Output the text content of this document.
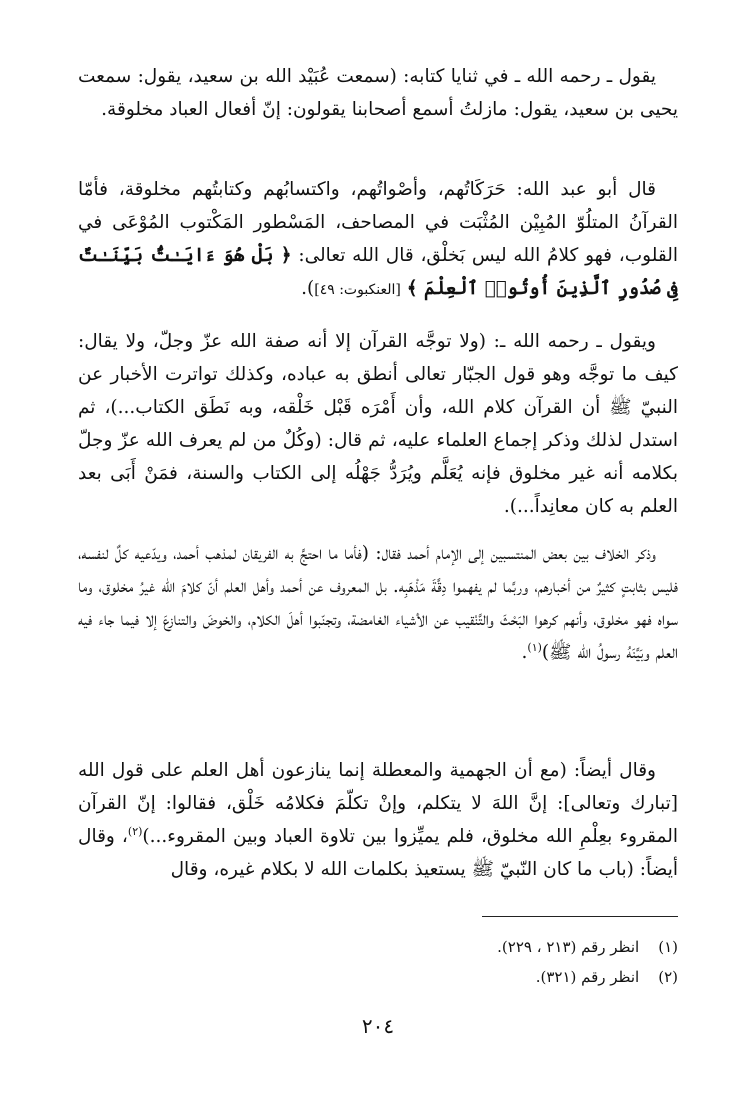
يقول ـ رحمه الله ـ في ثنايا كتابه: (سمعت عُبَيْد الله بن سعيد، يقول: سمعت يحيى بن سعيد، يقول: مازلتُ أسمع أصحابنا يقولون: إنّ أفعال العباد مخلوقة.

قال أبو عبد الله: حَرَكَاتُهم، وأصْواتُهم، واكتسابُهم وكتابتُهم مخلوقة، فأمّا القرآنُ المتلُوّ المُبِيْن المُثْبَت في المصاحف، المَسْطور المَكْتوب المُوْعَى في القلوب، فهو كلامُ الله ليس بَخلْق، قال الله تعالى: ﴿ بَلْ هُوَ ءَايَـٰتٌۢ بَيِّنَـٰتٌ فِى صُدُورِ ٱلَّذِينَ أُوتُوا۟ ٱلْعِلْمَ ﴾ [العنكبوت: ٤٩]).

ويقول ـ رحمه الله ـ: (ولا توجَّه القرآن إلا أنه صفة الله عزّ وجلّ، ولا يقال: كيف ما توجَّه وهو قول الجبّار تعالى أنطق به عباده، وكذلك تواترت الأخبار عن النبيّ ﷺ أن القرآن كلام الله، وأن أَمْرَه قَبْل خَلْقه، وبه نَطَق الكتاب...)، ثم استدل لذلك وذكر إجماع العلماء عليه، ثم قال: (وكُلٌ من لم يعرف الله عزّ وجلّ بكلامه أنه غير مخلوق فإنه يُعَلَّم ويُرَدُّ جَهْلُه إلى الكتاب والسنة، فمَنْ أَبَى بعد العلم به كان معانِداً...).

وذكر الخلاف بين بعض المنتسبين إلى الإمام أحمد فقال: (فأما ما احتجَّ به الفريقان لمذهب أحمد، ويدّعيه كلٌ لنفسه، فليس بثابتٍ كثيرٌ من أخبارهم، وربَّما لم يفهموا دِقَّةَ مَذْهَبِه. بل المعروف عن أحمد وأهل العلم أنّ كلامَ الله غيرُ مخلوق، وما سواه فهو مخلوق، وأنهم كرهوا البَحْثَ والتَّنْقيب عن الأشياء الغامضة، وتجنّبوا أهلَ الكلام، والخوضَ والتنازعَ إلا فيما جاء فيه العلم وبَيَّنَهُ رسولُ الله ﷺ)$^{(١)}$.

وقال أيضاً: (مع أن الجهمية والمعطلة إنما ينازعون أهل العلم على قول الله [تبارك وتعالى]: إنَّ اللهَ لا يتكلم، وإنْ تكلّمَ فكلامُه خَلْق، فقالوا: إنّ القرآن المقروء بعِلْمِ الله مخلوق، فلم يميِّزوا بين تلاوة العباد وبين المقروء...)$^{(٢)}$، وقال أيضاً: (باب ما كان النّبيّ ﷺ يستعيذ بكلمات الله لا بكلام غيره، وقال

(١) انظر رقم (٢١٣ ، ٢٢٩).

(٢) انظر رقم (٣٢١).

٢٠٤
